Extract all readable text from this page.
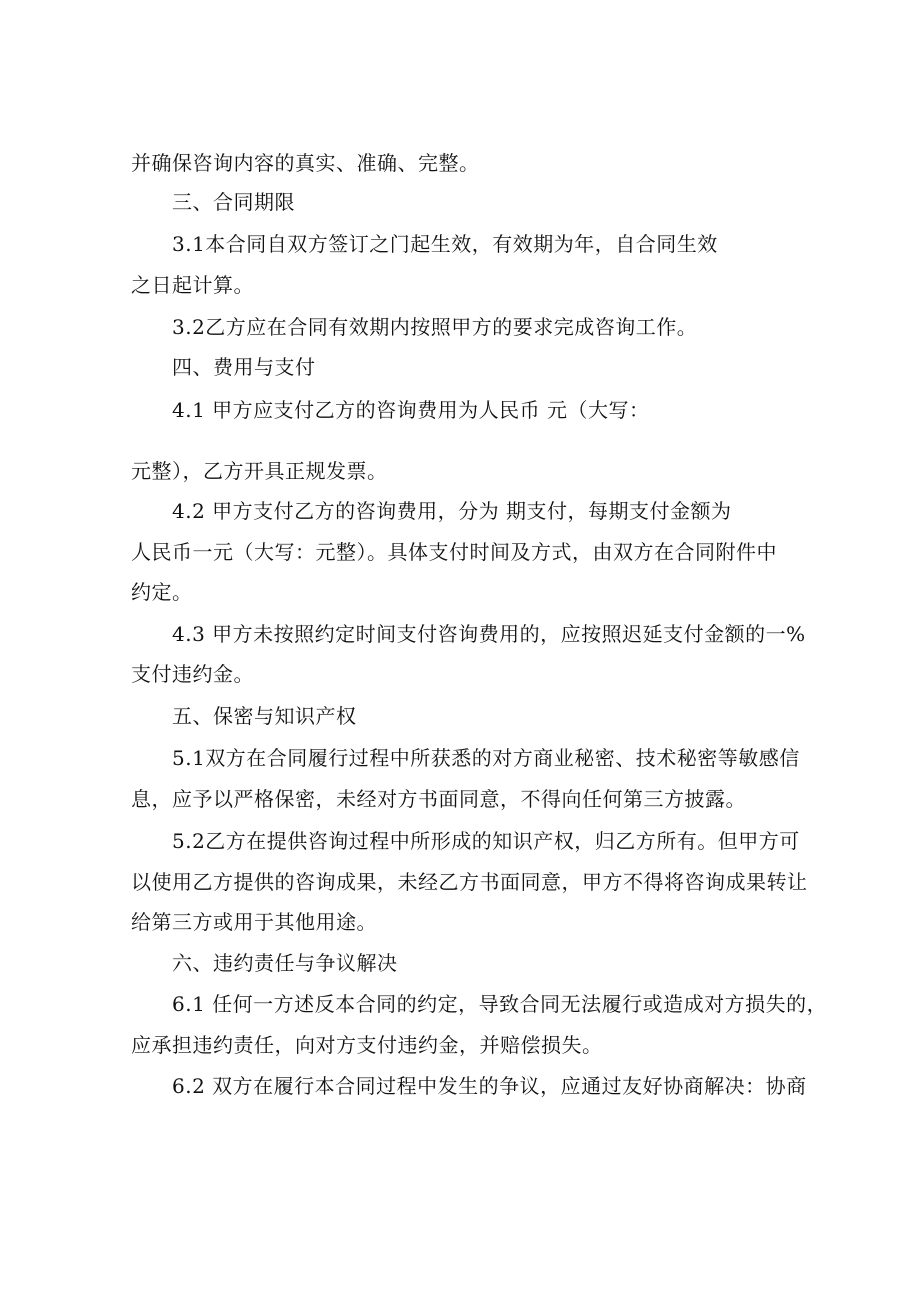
并确保咨询内容的真实、准确、完整。
三、合同期限
3.1本合同自双方签订之门起生效，有效期为年，自合同生效
之日起计算。
3.2乙方应在合同有效期内按照甲方的要求完成咨询工作。
四、费用与支付
4.1 甲方应支付乙方的咨询费用为人民币 元（大写：
元整），乙方开具正规发票。
4.2 甲方支付乙方的咨询费用，分为 期支付，每期支付金额为
人民币一元（大写：元整）。具体支付时间及方式，由双方在合同附件中
约定。
4.3 甲方未按照约定时间支付咨询费用的，应按照迟延支付金额的一%
支付违约金。
五、保密与知识产权
5.1双方在合同履行过程中所获悉的对方商业秘密、技术秘密等敏感信
息，应予以严格保密，未经对方书面同意，不得向任何第三方披露。
5.2乙方在提供咨询过程中所形成的知识产权，归乙方所有。但甲方可
以使用乙方提供的咨询成果，未经乙方书面同意，甲方不得将咨询成果转让
给第三方或用于其他用途。
六、违约责任与争议解决
6.1 任何一方述反本合同的约定，导致合同无法履行或造成对方损失的，
应承担违约责任，向对方支付违约金，并赔偿损失。
6.2 双方在履行本合同过程中发生的争议，应通过友好协商解决：协商
